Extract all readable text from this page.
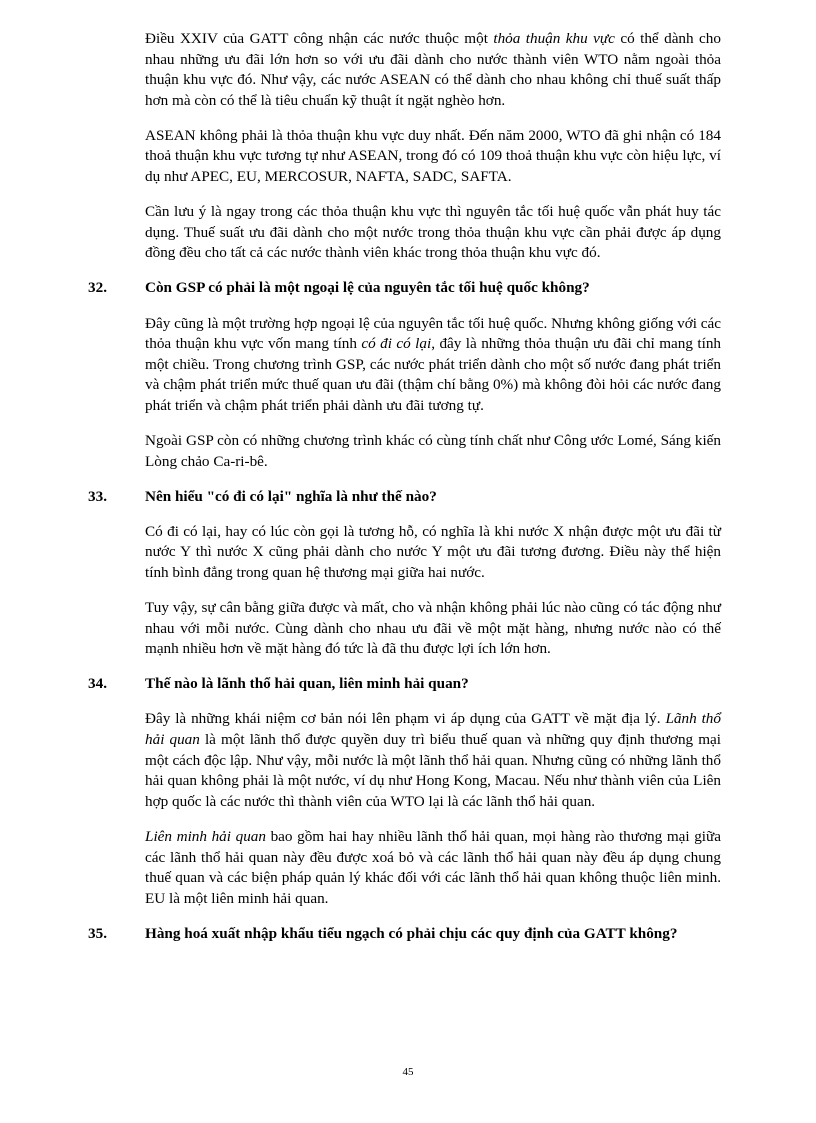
Điều XXIV của GATT công nhận các nước thuộc một thỏa thuận khu vực có thể dành cho nhau những ưu đãi lớn hơn so với ưu đãi dành cho nước thành viên WTO nằm ngoài thỏa thuận khu vực đó. Như vậy, các nước ASEAN có thể dành cho nhau không chỉ thuế suất thấp hơn mà còn có thể là tiêu chuẩn kỹ thuật ít ngặt nghèo hơn.

ASEAN không phải là thỏa thuận khu vực duy nhất. Đến năm 2000, WTO đã ghi nhận có 184 thoả thuận khu vực tương tự như ASEAN, trong đó có 109 thoả thuận khu vực còn hiệu lực, ví dụ như APEC, EU, MERCOSUR, NAFTA, SADC, SAFTA.

Cần lưu ý là ngay trong các thỏa thuận khu vực thì nguyên tắc tối huệ quốc vẫn phát huy tác dụng. Thuế suất ưu đãi dành cho một nước trong thỏa thuận khu vực cần phải được áp dụng đồng đều cho tất cả các nước thành viên khác trong thỏa thuận khu vực đó.

32.	Còn GSP có phải là một ngoại lệ của nguyên tắc tối huệ quốc không?

Đây cũng là một trường hợp ngoại lệ của nguyên tắc tối huệ quốc. Nhưng không giống với các thỏa thuận khu vực vốn mang tính có đi có lại, đây là những thỏa thuận ưu đãi chỉ mang tính một chiều. Trong chương trình GSP, các nước phát triển dành cho một số nước đang phát triển và chậm phát triển mức thuế quan ưu đãi (thậm chí bằng 0%) mà không đòi hỏi các nước đang phát triển và chậm phát triển phải dành ưu đãi tương tự.

Ngoài GSP còn có những chương trình khác có cùng tính chất như Công ước Lomé, Sáng kiến Lòng chảo Ca-ri-bê.

33.	Nên hiểu "có đi có lại" nghĩa là như thế nào?

Có đi có lại, hay có lúc còn gọi là tương hỗ, có nghĩa là khi nước X nhận được một ưu đãi từ nước Y thì nước X cũng phải dành cho nước Y một ưu đãi tương đương. Điều này thể hiện tính bình đẳng trong quan hệ thương mại giữa hai nước.

Tuy vậy, sự cân bằng giữa được và mất, cho và nhận không phải lúc nào cũng có tác động như nhau với mỗi nước. Cùng dành cho nhau ưu đãi về một mặt hàng, nhưng nước nào có thế mạnh nhiều hơn về mặt hàng đó tức là đã thu được lợi ích lớn hơn.

34.	Thế nào là lãnh thổ hải quan, liên minh hải quan?

Đây là những khái niệm cơ bản nói lên phạm vi áp dụng của GATT về mặt địa lý. Lãnh thổ hải quan là một lãnh thổ được quyền duy trì biểu thuế quan và những quy định thương mại một cách độc lập. Như vậy, mỗi nước là một lãnh thổ hải quan. Nhưng cũng có những lãnh thổ hải quan không phải là một nước, ví dụ như Hong Kong, Macau. Nếu như thành viên của Liên hợp quốc là các nước thì thành viên của WTO lại là các lãnh thổ hải quan.

Liên minh hải quan bao gồm hai hay nhiều lãnh thổ hải quan, mọi hàng rào thương mại giữa các lãnh thổ hải quan này đều được xoá bỏ và các lãnh thổ hải quan này đều áp dụng chung thuế quan và các biện pháp quản lý khác đối với các lãnh thổ hải quan không thuộc liên minh. EU là một liên minh hải quan.

35.	Hàng hoá xuất nhập khẩu tiểu ngạch có phải chịu các quy định của GATT không?
45
